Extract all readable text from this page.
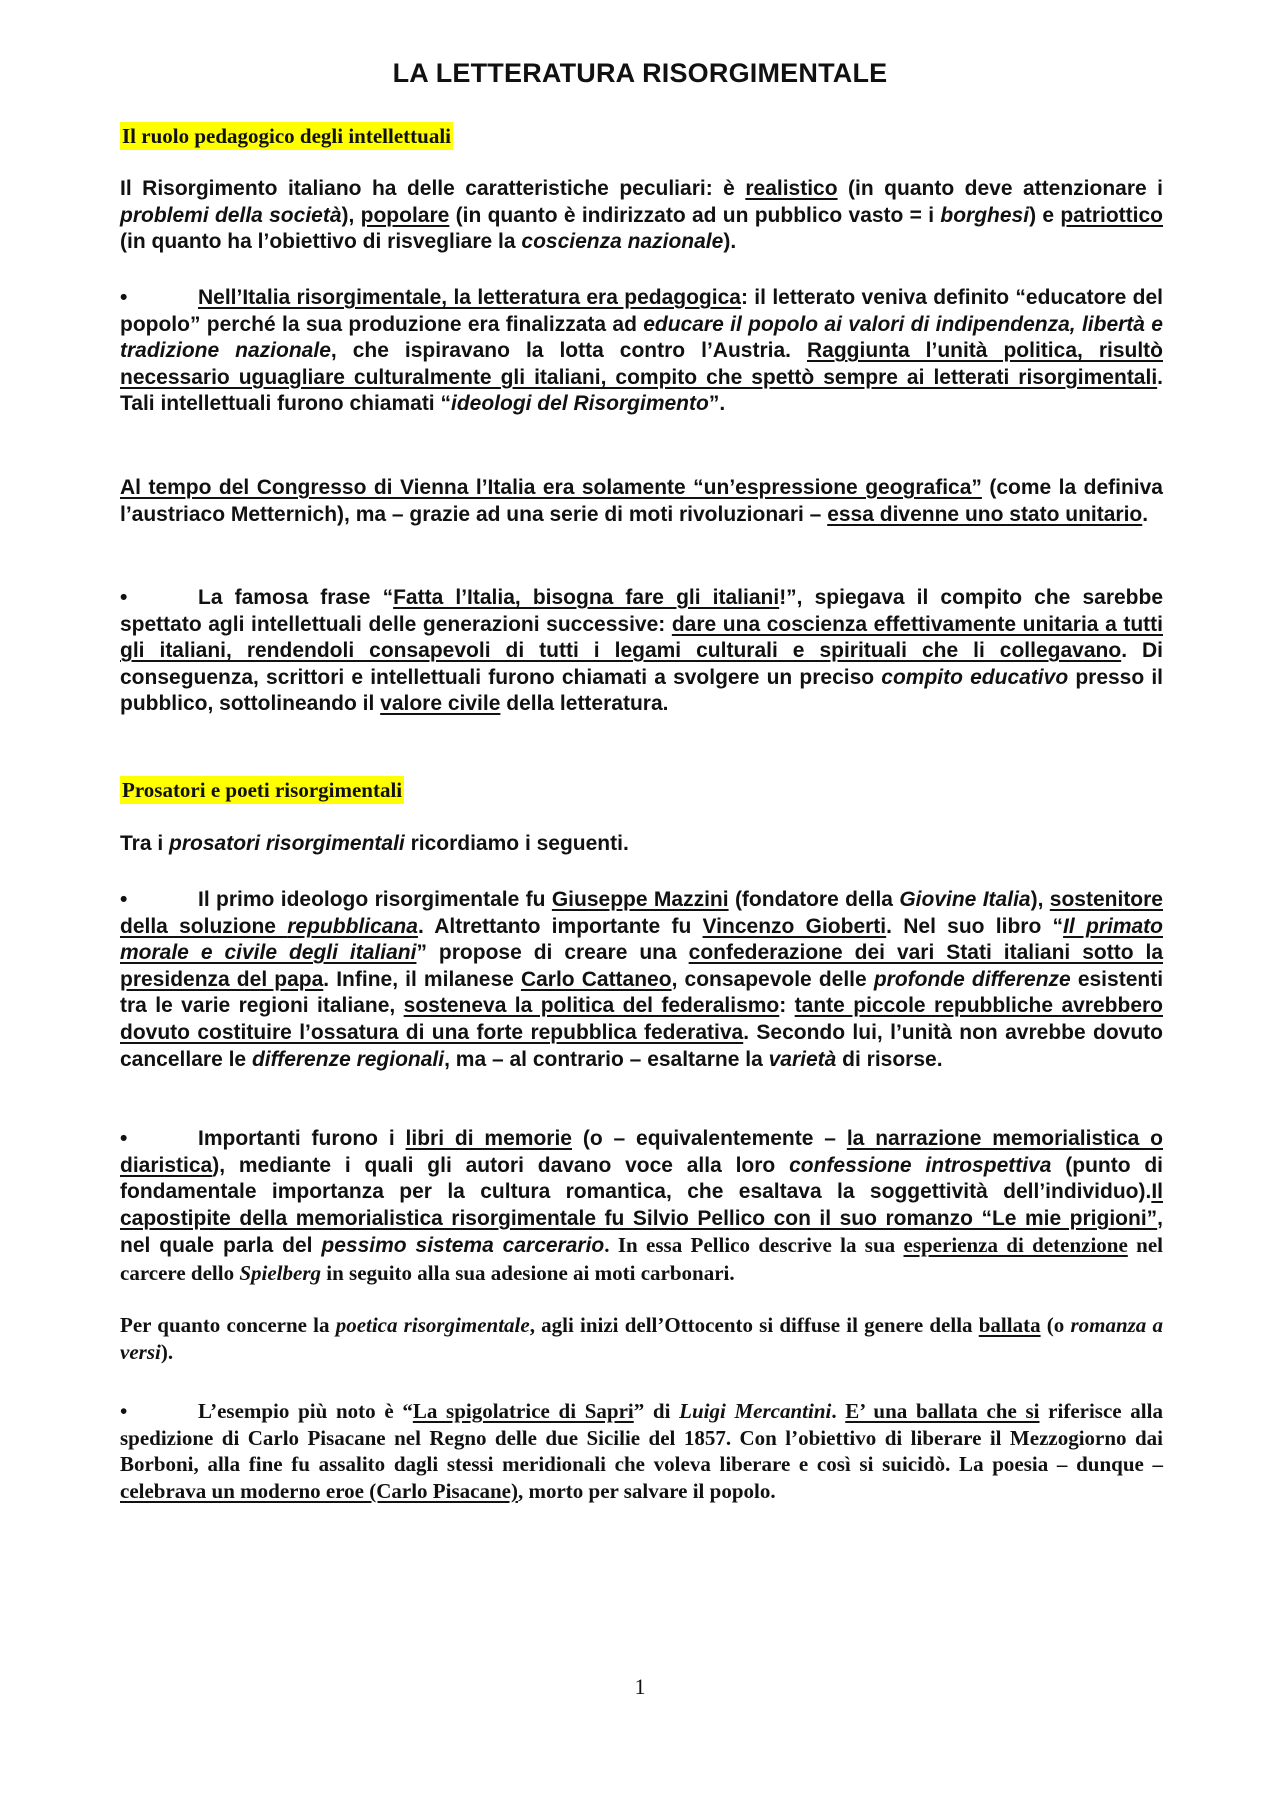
LA LETTERATURA RISORGIMENTALE
Il ruolo pedagogico degli intellettuali

Il Risorgimento italiano ha delle caratteristiche peculiari: è realistico (in quanto deve attenzionare i problemi della società), popolare (in quanto è indirizzato ad un pubblico vasto = i borghesi) e patriottico (in quanto ha l’obiettivo di risvegliare la coscienza nazionale).

•	Nell’Italia risorgimentale, la letteratura era pedagogica: il letterato veniva definito “educatore del popolo” perché la sua produzione era finalizzata ad educare il popolo ai valori di indipendenza, libertà e tradizione nazionale, che ispiravano la lotta contro l’Austria. Raggiunta l’unità politica, risultò necessario uguagliare culturalmente gli italiani, compito che spettò sempre ai letterati risorgimentali. Tali intellettuali furono chiamati “ideologi del Risorgimento”.

Al tempo del Congresso di Vienna l’Italia era solamente “un’espressione geografica” (come la definiva l’austriaco Metternich), ma – grazie ad una serie di moti rivoluzionari – essa divenne uno stato unitario.

•	La famosa frase “Fatta l’Italia, bisogna fare gli italiani!”, spiegava il compito che sarebbe spettato agli intellettuali delle generazioni successive: dare una coscienza effettivamente unitaria a tutti gli italiani, rendendoli consapevoli di tutti i legami culturali e spirituali che li collegavano. Di conseguenza, scrittori e intellettuali furono chiamati a svolgere un preciso compito educativo presso il pubblico, sottolineando il valore civile della letteratura.

Prosatori e poeti risorgimentali

Tra i prosatori risorgimentali ricordiamo i seguenti.

•	Il primo ideologo risorgimentale fu Giuseppe Mazzini (fondatore della Giovine Italia), sostenitore della soluzione repubblicana. Altrettanto importante fu Vincenzo Gioberti. Nel suo libro “Il primato morale e civile degli italiani” propose di creare una confederazione dei vari Stati italiani sotto la presidenza del papa. Infine, il milanese Carlo Cattaneo, consapevole delle profonde differenze esistenti tra le varie regioni italiane, sosteneva la politica del federalismo: tante piccole repubbliche avrebbero dovuto costituire l’ossatura di una forte repubblica federativa. Secondo lui, l’unità non avrebbe dovuto cancellare le differenze regionali, ma – al contrario – esaltarne la varietà di risorse.

•	Importanti furono i libri di memorie (o – equivalentemente – la narrazione memorialistica o diaristica), mediante i quali gli autori davano voce alla loro confessione introspettiva (punto di fondamentale importanza per la cultura romantica, che esaltava la soggettività dell’individuo).Il capostipite della memorialistica risorgimentale fu Silvio Pellico con il suo romanzo “Le mie prigioni”, nel quale parla del pessimo sistema carcerario. In essa Pellico descrive la sua esperienza di detenzione nel carcere dello Spielberg in seguito alla sua adesione ai moti carbonari.

Per quanto concerne la poetica risorgimentale, agli inizi dell’Ottocento si diffuse il genere della ballata (o romanza a versi).

•	L’esempio più noto è “La spigolatrice di Sapri” di Luigi Mercantini. E’ una ballata che si riferisce alla spedizione di Carlo Pisacane nel Regno delle due Sicilie del 1857. Con l’obiettivo di liberare il Mezzogiorno dai Borboni, alla fine fu assalito dagli stessi meridionali che voleva liberare e così si suicidò. La poesia – dunque – celebrava un moderno eroe (Carlo Pisacane), morto per salvare il popolo.

1
